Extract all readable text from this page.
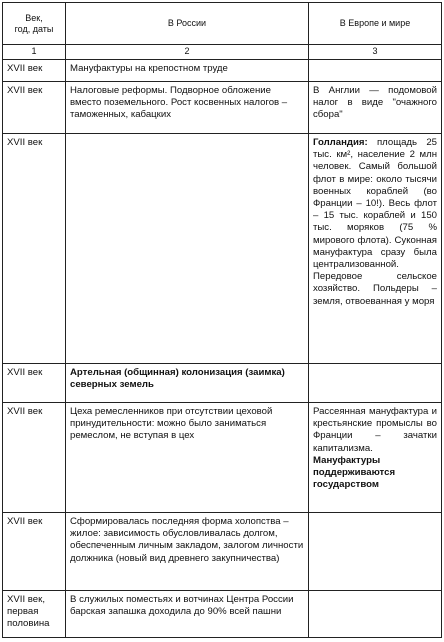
Век,
год, даты	В России	В Европе и мире
1	2	3
XVII век	Мануфактуры на крепостном труде	
XVII век	Налоговые реформы. Подворное обложение вместо поземельного. Рост косвенных налогов – таможенных, кабацких	В Англии — подомовой налог в виде "очажного сбора"
XVII век		Голландия: площадь 25 тыс. км², население 2 млн человек. Самый большой флот в мире: около тысячи военных кораблей (во Франции – 10!). Весь флот – 15 тыс. кораблей и 150 тыс. моряков (75 % мирового флота). Суконная мануфактура сразу была централизованной. Передовое сельское хозяйство. Польдеры – земля, отвоеванная у моря
XVII век	Артельная (общинная) колонизация (заимка) северных земель	
XVII век	Цеха ремесленников при отсутствии цеховой принудительности: можно было заниматься ремеслом, не вступая в цех	Рассеянная мануфактура и крестьянские промыслы во Франции – зачатки капитализма. Мануфактуры поддерживаются государством
XVII век	Сформировалась последняя форма холопства – жилое: зависимость обусловливалась долгом, обеспеченным личным закладом, залогом личности должника (новый вид древнего закупничества)	
XVII век, первая половина	В служилых поместьях и вотчинах Центра России барская запашка доходила до 90% всей пашни	
